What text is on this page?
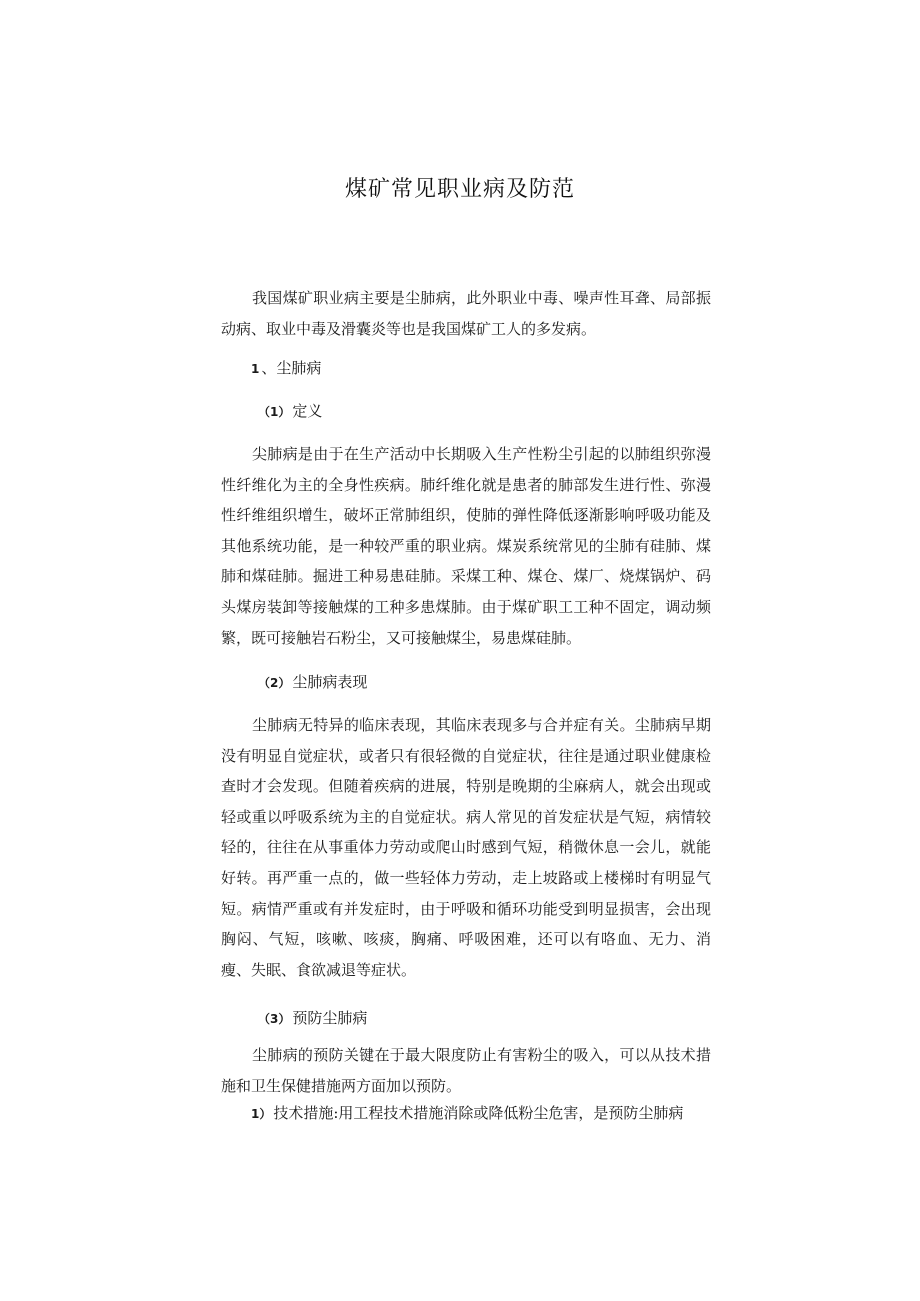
煤矿常见职业病及防范

我国煤矿职业病主要是尘肺病，此外职业中毒、噪声性耳聋、局部振动病、取业中毒及滑囊炎等也是我国煤矿工人的多发病。

1 、尘肺病

（1） 定义

尖肺病是由于在生产活动中长期吸入生产性粉尘引起的以肺组织弥漫性纤维化为主的全身性疾病。肺纤维化就是患者的肺部发生进行性、弥漫性纤维组织增生，破坏正常肺组织，使肺的弹性降低逐渐影响呼吸功能及其他系统功能，是一种较严重的职业病。煤炭系统常见的尘肺有硅肺、煤肺和煤硅肺。掘进工种易患硅肺。采煤工种、煤仓、煤厂、烧煤锅炉、码头煤房装卸等接触煤的工种多患煤肺。由于煤矿职工工种不固定，调动频繁，既可接触岩石粉尘，又可接触煤尘，易患煤硅肺。

（2） 尘肺病表现

尘肺病无特异的临床表现，其临床表现多与合并症有关。尘肺病早期没有明显自觉症状，或者只有很轻微的自觉症状，往往是通过职业健康检查时才会发现。但随着疾病的进展，特别是晚期的尘麻病人，就会出现或轻或重以呼吸系统为主的自觉症状。病人常见的首发症状是气短，病情较轻的，往往在从事重体力劳动或爬山时感到气短，稍微休息一会儿，就能好转。再严重一点的，做一些轻体力劳动，走上坡路或上楼梯时有明显气短。病情严重或有并发症时，由于呼吸和循环功能受到明显损害，会出现胸闷、气短，咳嗽、咳痰，胸痛、呼吸困难，还可以有咯血、无力、消瘦、失眠、食欲减退等症状。

（3） 预防尘肺病

尘肺病的预防关键在于最大限度防止有害粉尘的吸入，可以从技术措施和卫生保健措施两方面加以预防。

1） 技术措施:用工程技术措施消除或降低粉尘危害，是预防尘肺病
